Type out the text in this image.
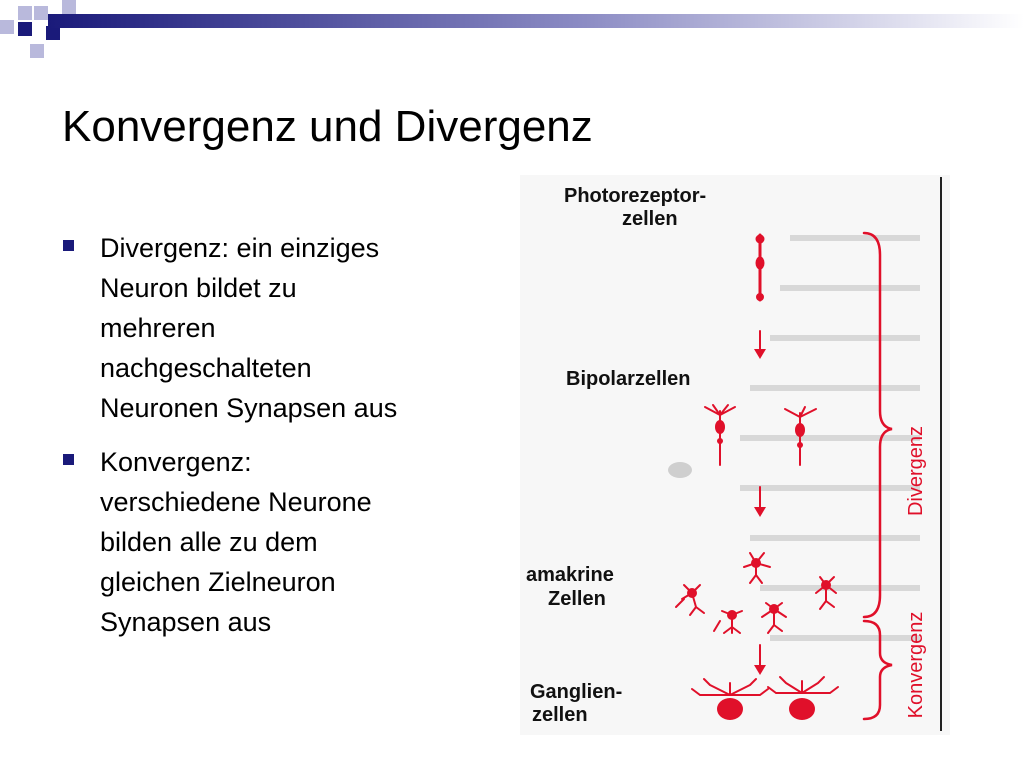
Konvergenz und Divergenz
Divergenz: ein einziges
Neuron bildet zu
mehreren
nachgeschalteten
Neuronen Synapsen aus
Konvergenz:
verschiedene Neurone
bilden alle zu dem
gleichen Zielneuron
Synapsen aus
Photorezeptor-
zellen
Bipolarzellen
amakrine
Zellen
Ganglien-
zellen
Divergenz
Konvergenz
